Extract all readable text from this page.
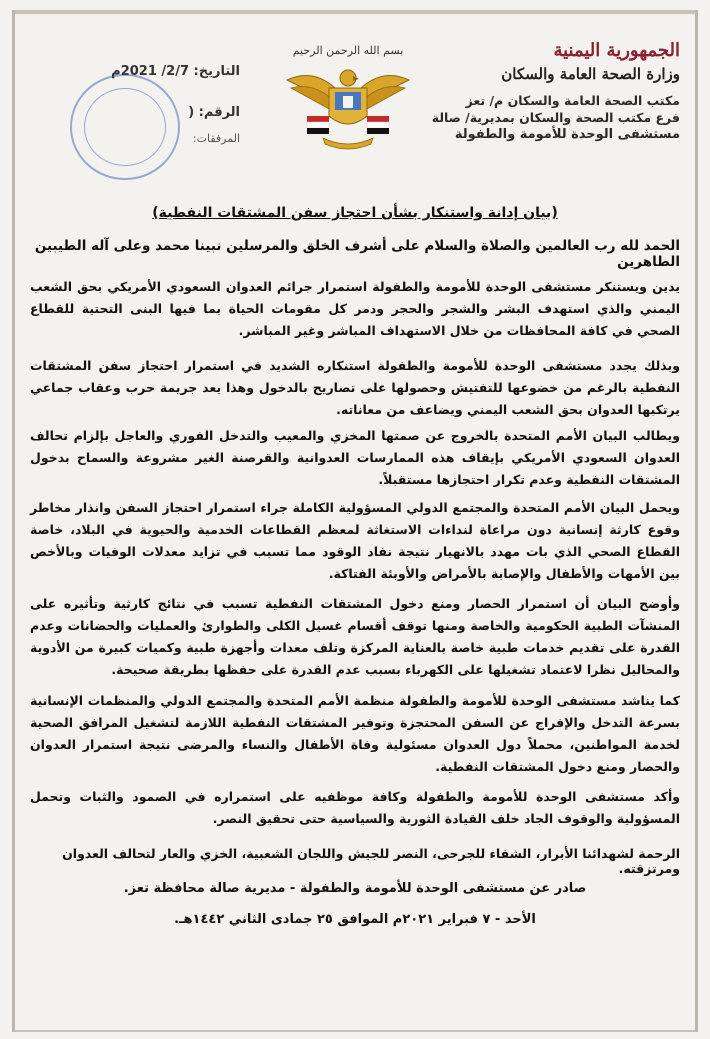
الجمهورية اليمنية
وزارة الصحة العامة والسكان
مكتب الصحة العامة والسكان م/ تعز
فرع مكتب الصحة والسكان بمديرية/ صالة
مستشفى الوحدة للأمومة والطفولة
بسم الله الرحمن الرحيم
التاريخ: 2/7/ 2021م
الرقم: (
المرفقات:
(بيان إدانة واستنكار بشأن احتجاز سفن المشتقات النفطية)
الحمد لله رب العالمين والصلاة والسلام على أشرف الخلق والمرسلين نبينا محمد وعلى آله الطيبين الطاهرين
يدين ويستنكر مستشفى الوحدة للأمومة والطفولة استمرار جرائم العدوان السعودي الأمريكي بحق الشعب اليمني والذي استهدف البشر والشجر والحجر ودمر كل مقومات الحياة بما فيها البنى التحتية للقطاع الصحي في كافة المحافظات من خلال الاستهداف المباشر وغير المباشر.
وبذلك يجدد مستشفى الوحدة للأمومة والطفولة استنكاره الشديد في استمرار احتجاز سفن المشتقات النفطية بالرغم من خضوعها للتفتيش وحصولها على تصاريح بالدخول وهذا يعد جريمة حرب وعقاب جماعي يرتكبها العدوان بحق الشعب اليمني ويضاعف من معاناته.
ويطالب البيان الأمم المتحدة بالخروج عن صمتها المخزي والمعيب والتدخل الفوري والعاجل بإلزام تحالف العدوان السعودي الأمريكي بإيقاف هذه الممارسات العدوانية والقرصنة الغير مشروعة والسماح بدخول المشتقات النفطية وعدم تكرار احتجازها مستقبلاً.
ويحمل البيان الأمم المتحدة والمجتمع الدولي المسؤولية الكاملة جراء استمرار احتجاز السفن وانذار مخاطر وقوع كارثة إنسانية دون مراعاة لنداءات الاستغاثة لمعظم القطاعات الخدمية والحيوية في البلاد، خاصة القطاع الصحي الذي بات مهدد بالانهيار نتيجة نفاد الوقود مما تسبب في تزايد معدلات الوفيات وبالأخص بين الأمهات والأطفال والإصابة بالأمراض والأوبئة الفتاكة.
وأوضح البيان أن استمرار الحصار ومنع دخول المشتقات النفطية تسبب في نتائج كارثية وتأثيره على المنشآت الطبية الحكومية والخاصة ومنها توقف أقسام غسيل الكلى والطوارئ والعمليات والحضانات وعدم القدرة على تقديم خدمات طبية خاصة بالعناية المركزة وتلف معدات وأجهزة طبية وكميات كبيرة من الأدوية والمحاليل نظرا لاعتماد تشغيلها على الكهرباء بسبب عدم القدرة على حفظها بطريقة صحيحة.
كما يناشد مستشفى الوحدة للأمومة والطفولة منظمة الأمم المتحدة والمجتمع الدولي والمنظمات الإنسانية بسرعة التدخل والإفراج عن السفن المحتجزة وتوفير المشتقات النفطية اللازمة لتشغيل المرافق الصحية لخدمة المواطنين، محملاً دول العدوان مسئولية وفاة الأطفال والنساء والمرضى نتيجة استمرار العدوان والحصار ومنع دخول المشتقات النفطية.
وأكد مستشفى الوحدة للأمومة والطفولة وكافة موظفيه على استمراره في الصمود والثبات وتحمل المسؤولية والوقوف الجاد خلف القيادة الثورية والسياسية حتى تحقيق النصر.
الرحمة لشهدائنا الأبرار، الشفاء للجرحى، النصر للجيش واللجان الشعبية، الخزي والعار لتحالف العدوان ومرتزقته.
صادر عن مستشفى الوحدة للأمومة والطفولة - مديرية صالة محافظة تعز.
الأحد - ٧ فبراير ٢٠٢١م الموافق ٢٥ جمادى الثاني ١٤٤٢هـ.
